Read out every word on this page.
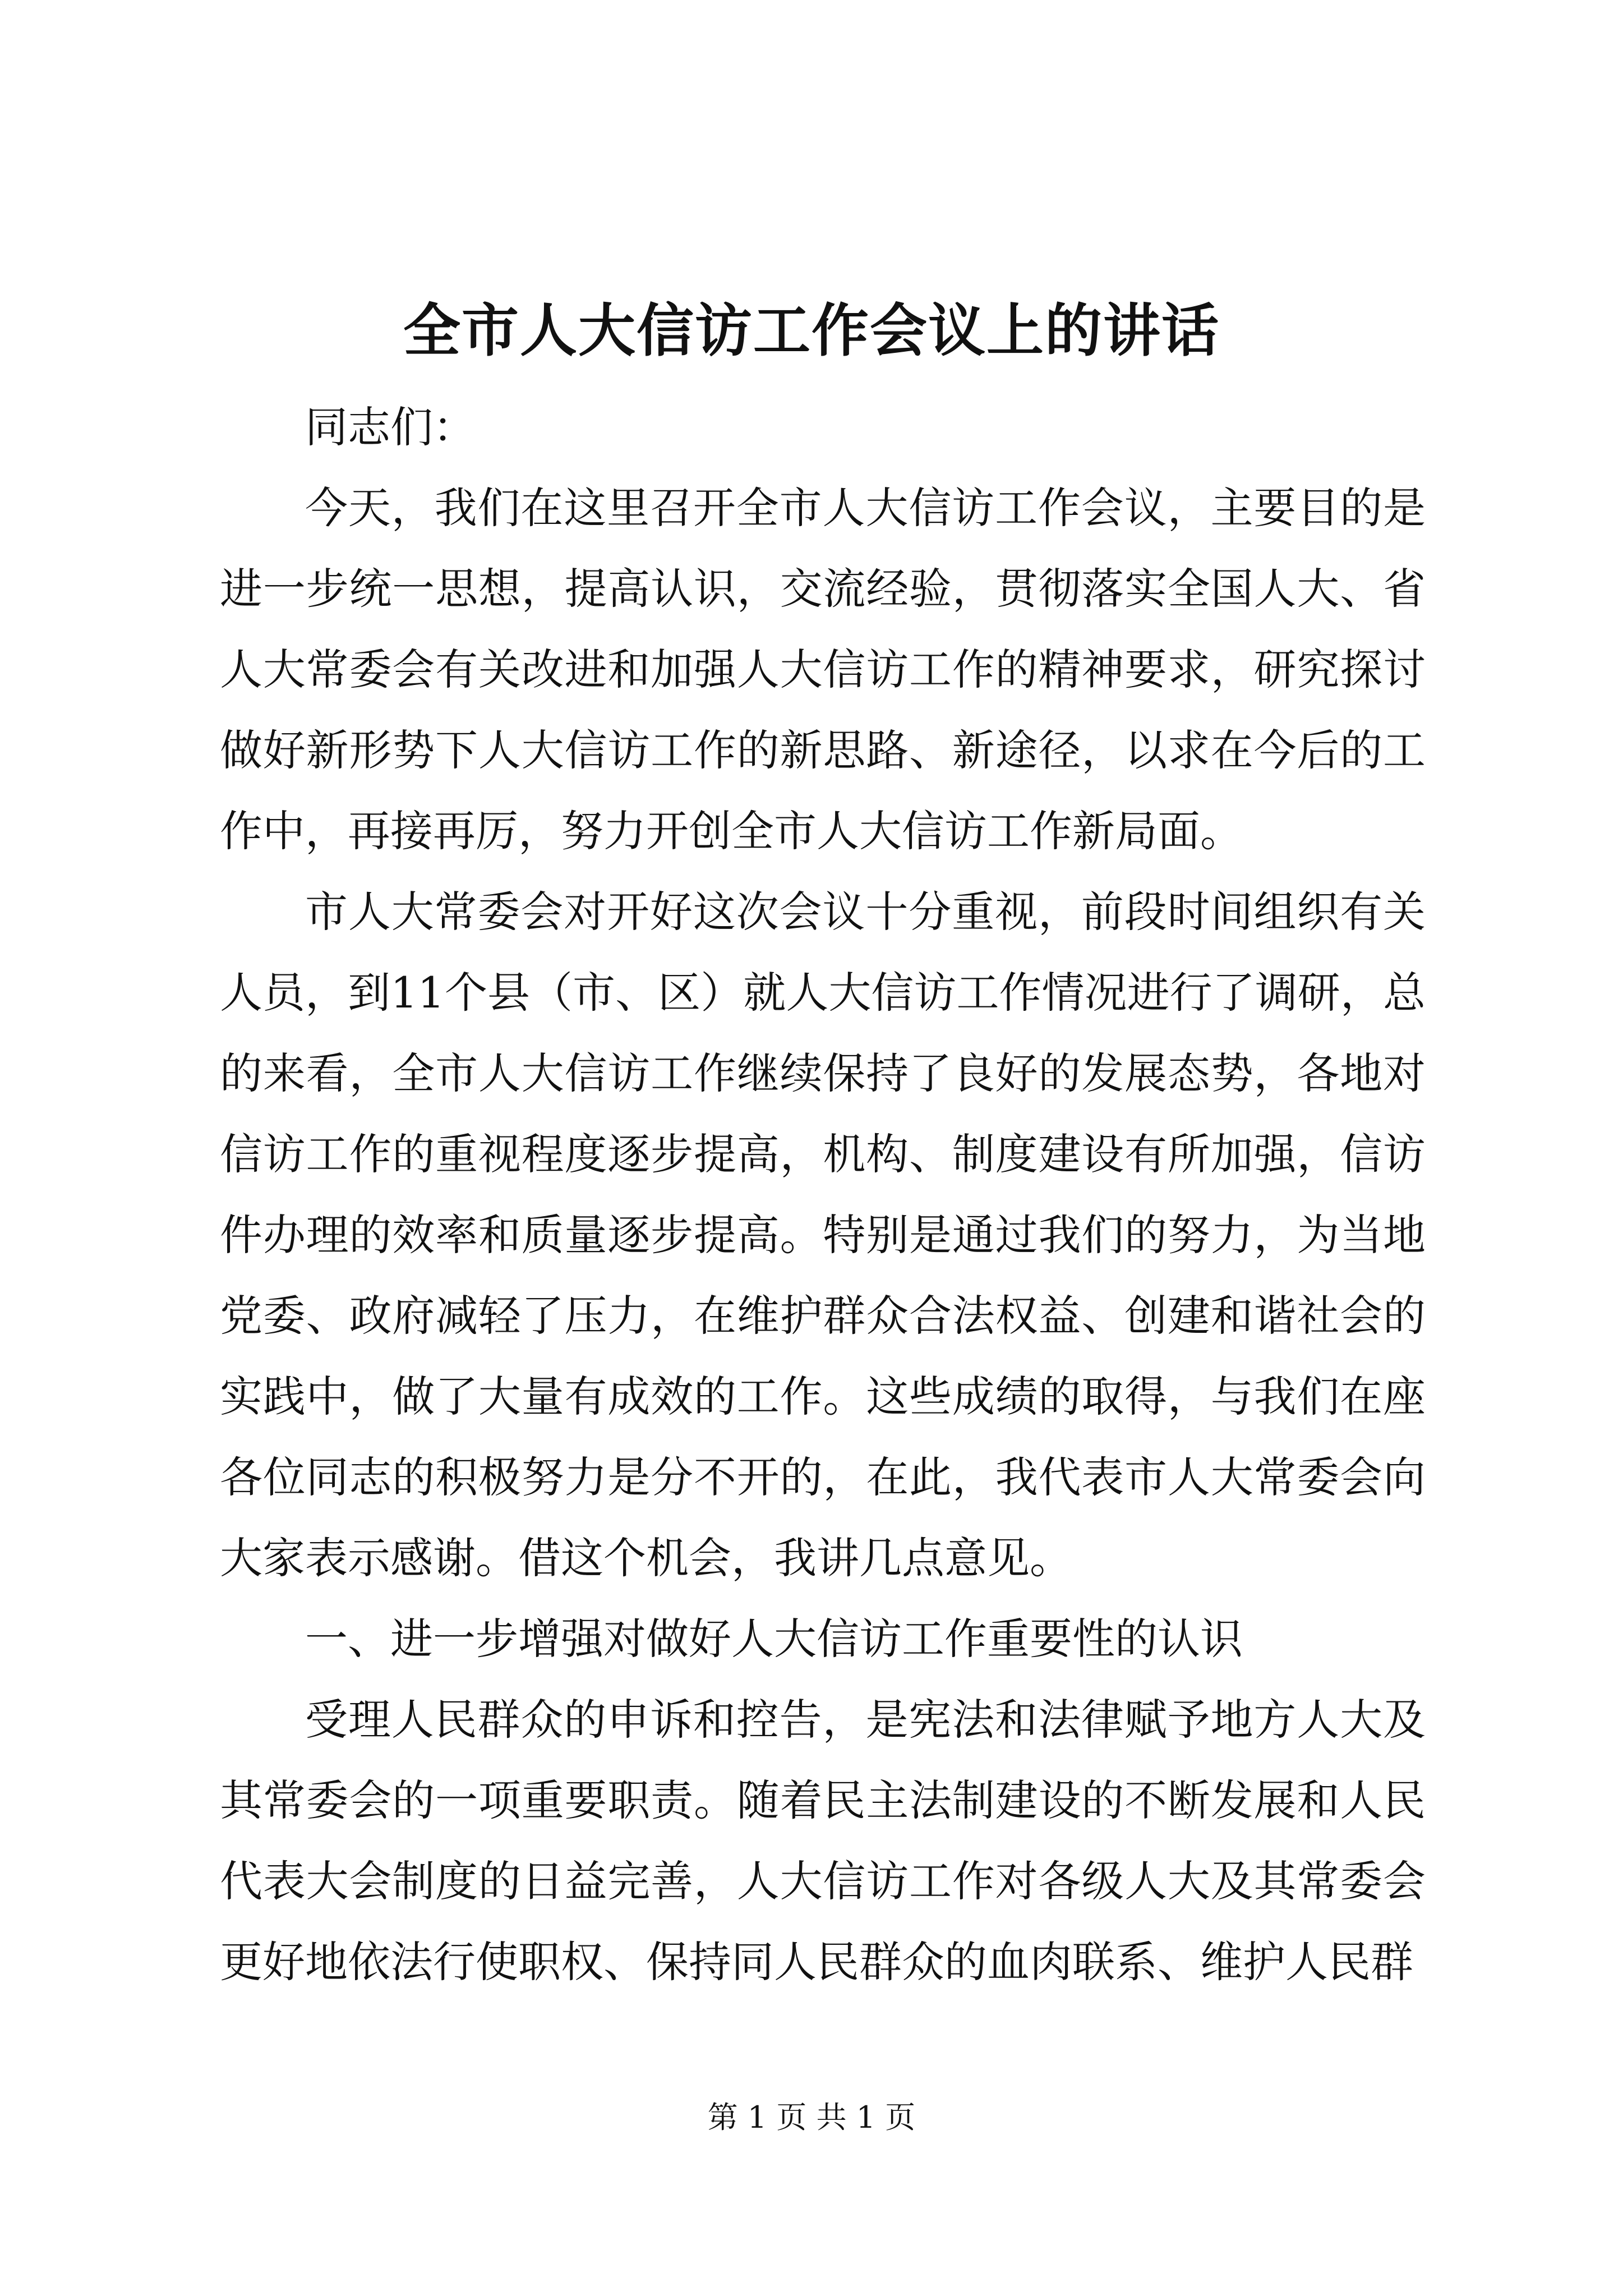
全市人大信访工作会议上的讲话

同志们：

今天，我们在这里召开全市人大信访工作会议，主要目的是进一步统一思想，提高认识，交流经验，贯彻落实全国人大、省人大常委会有关改进和加强人大信访工作的精神要求，研究探讨做好新形势下人大信访工作的新思路、新途径，以求在今后的工作中，再接再厉，努力开创全市人大信访工作新局面。

市人大常委会对开好这次会议十分重视，前段时间组织有关人员，到11个县（市、区）就人大信访工作情况进行了调研，总的来看，全市人大信访工作继续保持了良好的发展态势，各地对信访工作的重视程度逐步提高，机构、制度建设有所加强，信访件办理的效率和质量逐步提高。特别是通过我们的努力，为当地党委、政府减轻了压力，在维护群众合法权益、创建和谐社会的实践中，做了大量有成效的工作。这些成绩的取得，与我们在座各位同志的积极努力是分不开的，在此，我代表市人大常委会向大家表示感谢。借这个机会，我讲几点意见。

一、进一步增强对做好人大信访工作重要性的认识

受理人民群众的申诉和控告，是宪法和法律赋予地方人大及其常委会的一项重要职责。随着民主法制建设的不断发展和人民代表大会制度的日益完善，人大信访工作对各级人大及其常委会更好地依法行使职权、保持同人民群众的血肉联系、维护人民群

第 1 页 共 1 页
